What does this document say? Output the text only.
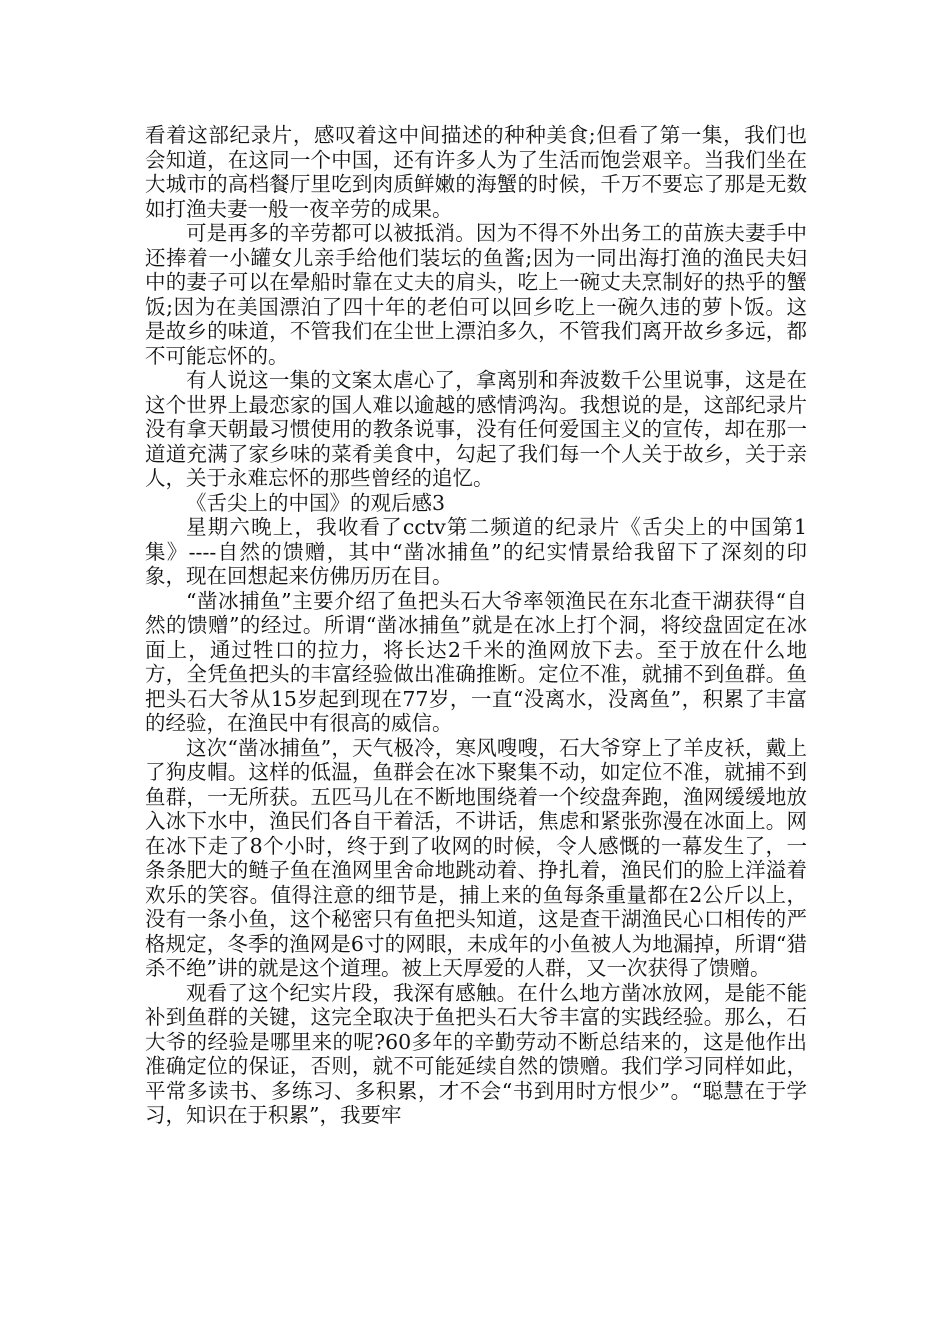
看着这部纪录片，感叹着这中间描述的种种美食;但看了第一集，我们也会知道，在这同一个中国，还有许多人为了生活而饱尝艰辛。当我们坐在大城市的高档餐厅里吃到肉质鲜嫩的海蟹的时候，千万不要忘了那是无数如打渔夫妻一般一夜辛劳的成果。

可是再多的辛劳都可以被抵消。因为不得不外出务工的苗族夫妻手中还捧着一小罐女儿亲手给他们装坛的鱼酱;因为一同出海打渔的渔民夫妇中的妻子可以在晕船时靠在丈夫的肩头，吃上一碗丈夫烹制好的热乎的蟹饭;因为在美国漂泊了四十年的老伯可以回乡吃上一碗久违的萝卜饭。这是故乡的味道，不管我们在尘世上漂泊多久，不管我们离开故乡多远，都不可能忘怀的。

有人说这一集的文案太虐心了，拿离别和奔波数千公里说事，这是在这个世界上最恋家的国人难以逾越的感情鸿沟。我想说的是，这部纪录片没有拿天朝最习惯使用的教条说事，没有任何爱国主义的宣传，却在那一道道充满了家乡味的菜肴美食中，勾起了我们每一个人关于故乡，关于亲人，关于永难忘怀的那些曾经的追忆。

《舌尖上的中国》的观后感3

星期六晚上，我收看了cctv第二频道的纪录片《舌尖上的中国第1集》----自然的馈赠，其中“凿冰捕鱼”的纪实情景给我留下了深刻的印象，现在回想起来仿佛历历在目。

“凿冰捕鱼”主要介绍了鱼把头石大爷率领渔民在东北查干湖获得“自然的馈赠”的经过。所谓“凿冰捕鱼”就是在冰上打个洞，将绞盘固定在冰面上，通过牲口的拉力，将长达2千米的渔网放下去。至于放在什么地方，全凭鱼把头的丰富经验做出准确推断。定位不准，就捕不到鱼群。鱼把头石大爷从15岁起到现在77岁，一直“没离水，没离鱼”，积累了丰富的经验，在渔民中有很高的威信。

这次“凿冰捕鱼”，天气极冷，寒风嗖嗖，石大爷穿上了羊皮袄，戴上了狗皮帽。这样的低温，鱼群会在冰下聚集不动，如定位不准，就捕不到鱼群，一无所获。五匹马儿在不断地围绕着一个绞盘奔跑，渔网缓缓地放入冰下水中，渔民们各自干着活，不讲话，焦虑和紧张弥漫在冰面上。网在冰下走了8个小时，终于到了收网的时候，令人感慨的一幕发生了，一条条肥大的鲢子鱼在渔网里舍命地跳动着、挣扎着，渔民们的脸上洋溢着欢乐的笑容。值得注意的细节是，捕上来的鱼每条重量都在2公斤以上，没有一条小鱼，这个秘密只有鱼把头知道，这是查干湖渔民心口相传的严格规定，冬季的渔网是6寸的网眼，未成年的小鱼被人为地漏掉，所谓“猎杀不绝”讲的就是这个道理。被上天厚爱的人群，又一次获得了馈赠。

观看了这个纪实片段，我深有感触。在什么地方凿冰放网，是能不能补到鱼群的关键，这完全取决于鱼把头石大爷丰富的实践经验。那么，石大爷的经验是哪里来的呢?60多年的辛勤劳动不断总结来的，这是他作出准确定位的保证，否则，就不可能延续自然的馈赠。我们学习同样如此，平常多读书、多练习、多积累，才不会“书到用时方恨少”。“聪慧在于学习，知识在于积累”，我要牢
